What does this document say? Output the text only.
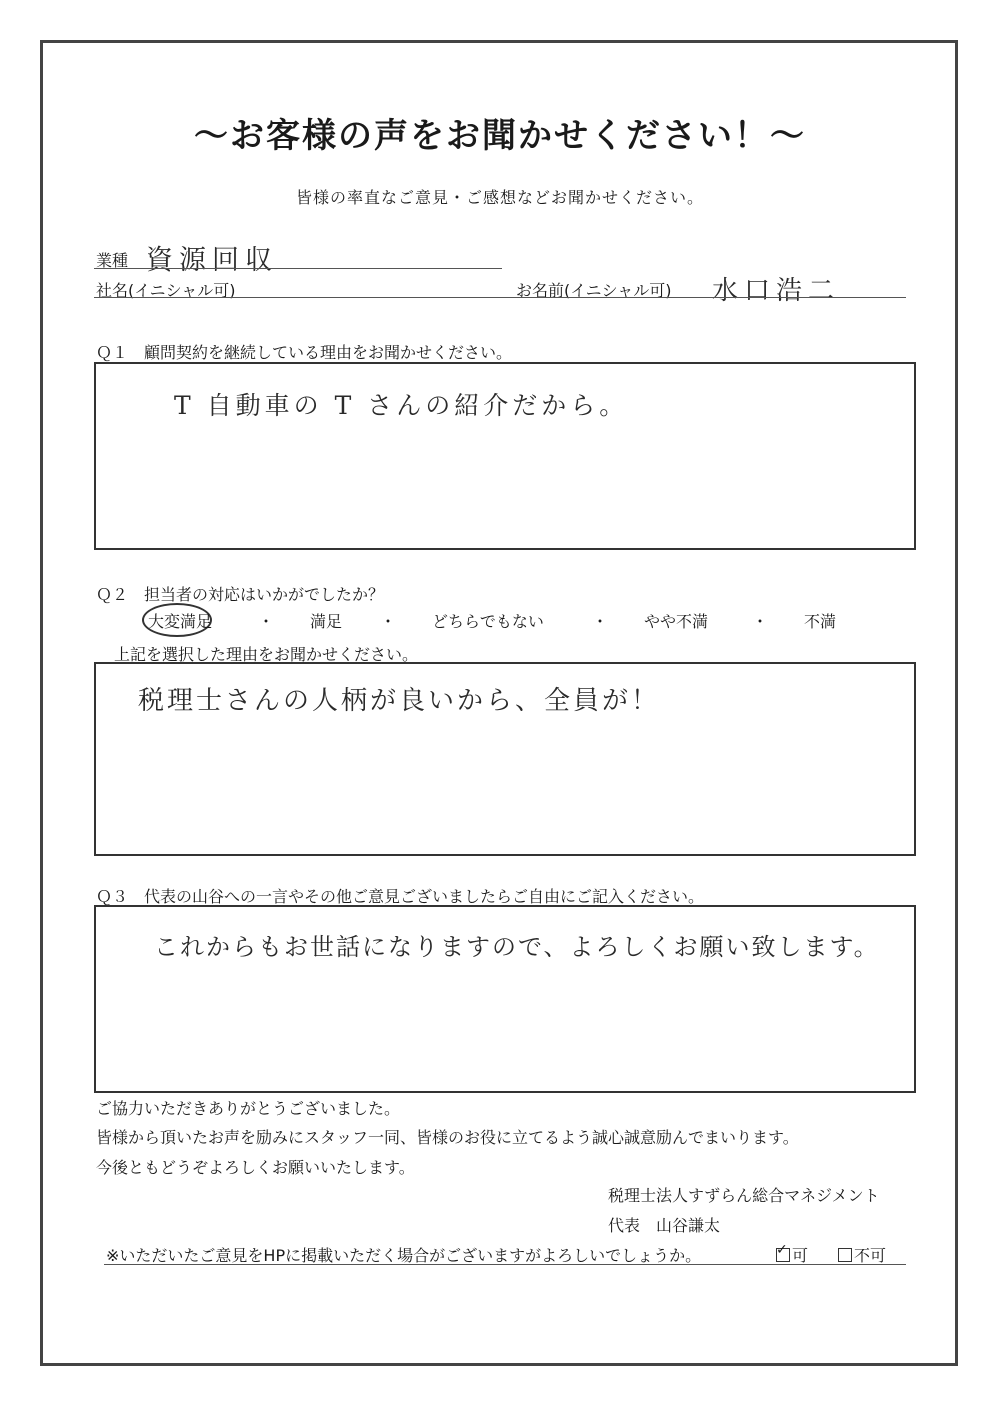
～お客様の声をお聞かせください！～
皆様の率直なご意見・ご感想などお聞かせください。
業種 資源回収
社名(イニシャル可)	お名前(イニシャル可) 水口浩二
Ｑ１　顧問契約を継続している理由をお聞かせください。
T 自動車の T さんの紹介だから。
Ｑ２　担当者の対応はいかがでしたか？
大変満足	・ 満足 ・ どちらでもない	・ やや不満	・ 不満
上記を選択した理由をお聞かせください。
税理士さんの人柄が良いから、全員が！
Ｑ３　代表の山谷への一言やその他ご意見ございましたらご自由にご記入ください。
これからもお世話になりますので、よろしくお願い致します。
ご協力いただきありがとうございました。
皆様から頂いたお声を励みにスタッフ一同、皆様のお役に立てるよう誠心誠意励んでまいります。
今後ともどうぞよろしくお願いいたします。
税理士法人すずらん総合マネジメント
代表　山谷謙太
※いただいたご意見をHPに掲載いただく場合がございますがよろしいでしょうか。	✓ 可	不可
